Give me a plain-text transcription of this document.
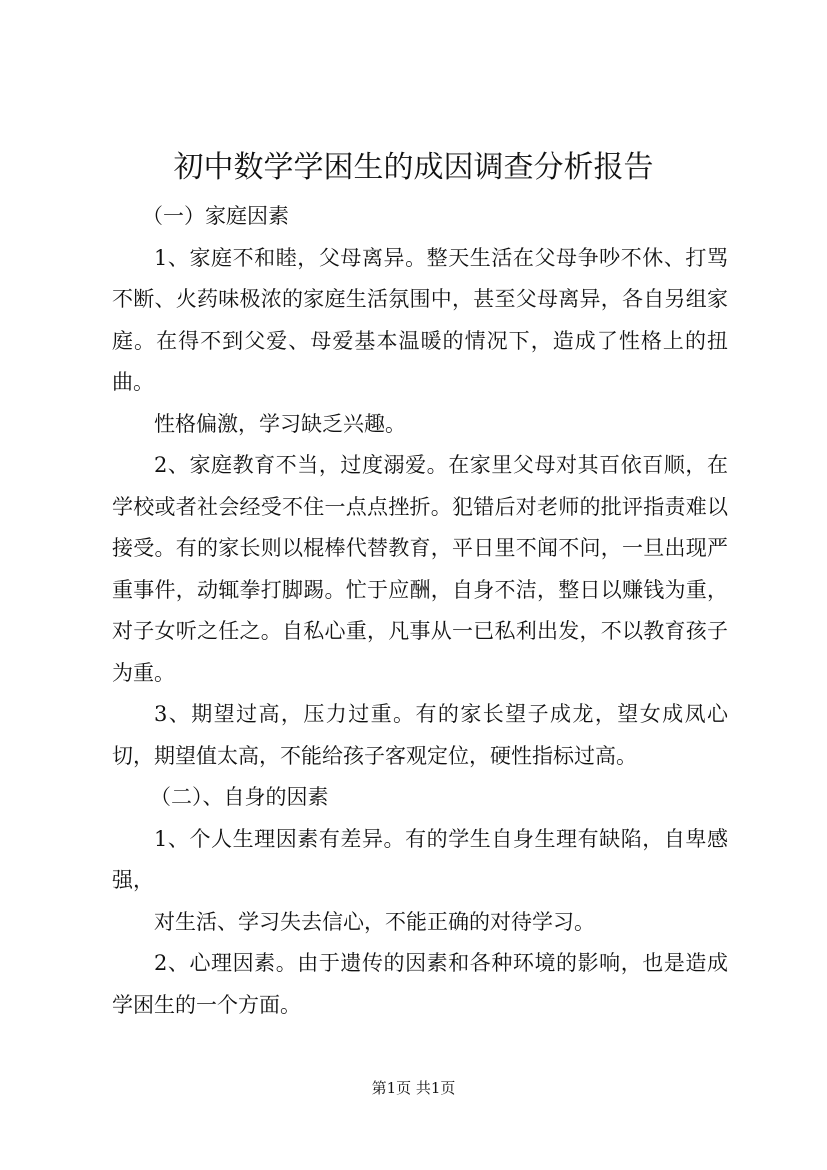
初中数学学困生的成因调查分析报告

（一）家庭因素

1、家庭不和睦，父母离异。整天生活在父母争吵不休、打骂不断、火药味极浓的家庭生活氛围中，甚至父母离异，各自另组家庭。在得不到父爱、母爱基本温暖的情况下，造成了性格上的扭曲。

性格偏激，学习缺乏兴趣。

2、家庭教育不当，过度溺爱。在家里父母对其百依百顺，在学校或者社会经受不住一点点挫折。犯错后对老师的批评指责难以接受。有的家长则以棍棒代替教育，平日里不闻不问，一旦出现严重事件，动辄拳打脚踢。忙于应酬，自身不洁，整日以赚钱为重，对子女听之任之。自私心重，凡事从一已私利出发，不以教育孩子为重。

3、期望过高，压力过重。有的家长望子成龙，望女成凤心切，期望值太高，不能给孩子客观定位，硬性指标过高。

（二）、自身的因素

1、个人生理因素有差异。有的学生自身生理有缺陷，自卑感强，

对生活、学习失去信心，不能正确的对待学习。

2、心理因素。由于遗传的因素和各种环境的影响，也是造成学困生的一个方面。

第1页 共1页
